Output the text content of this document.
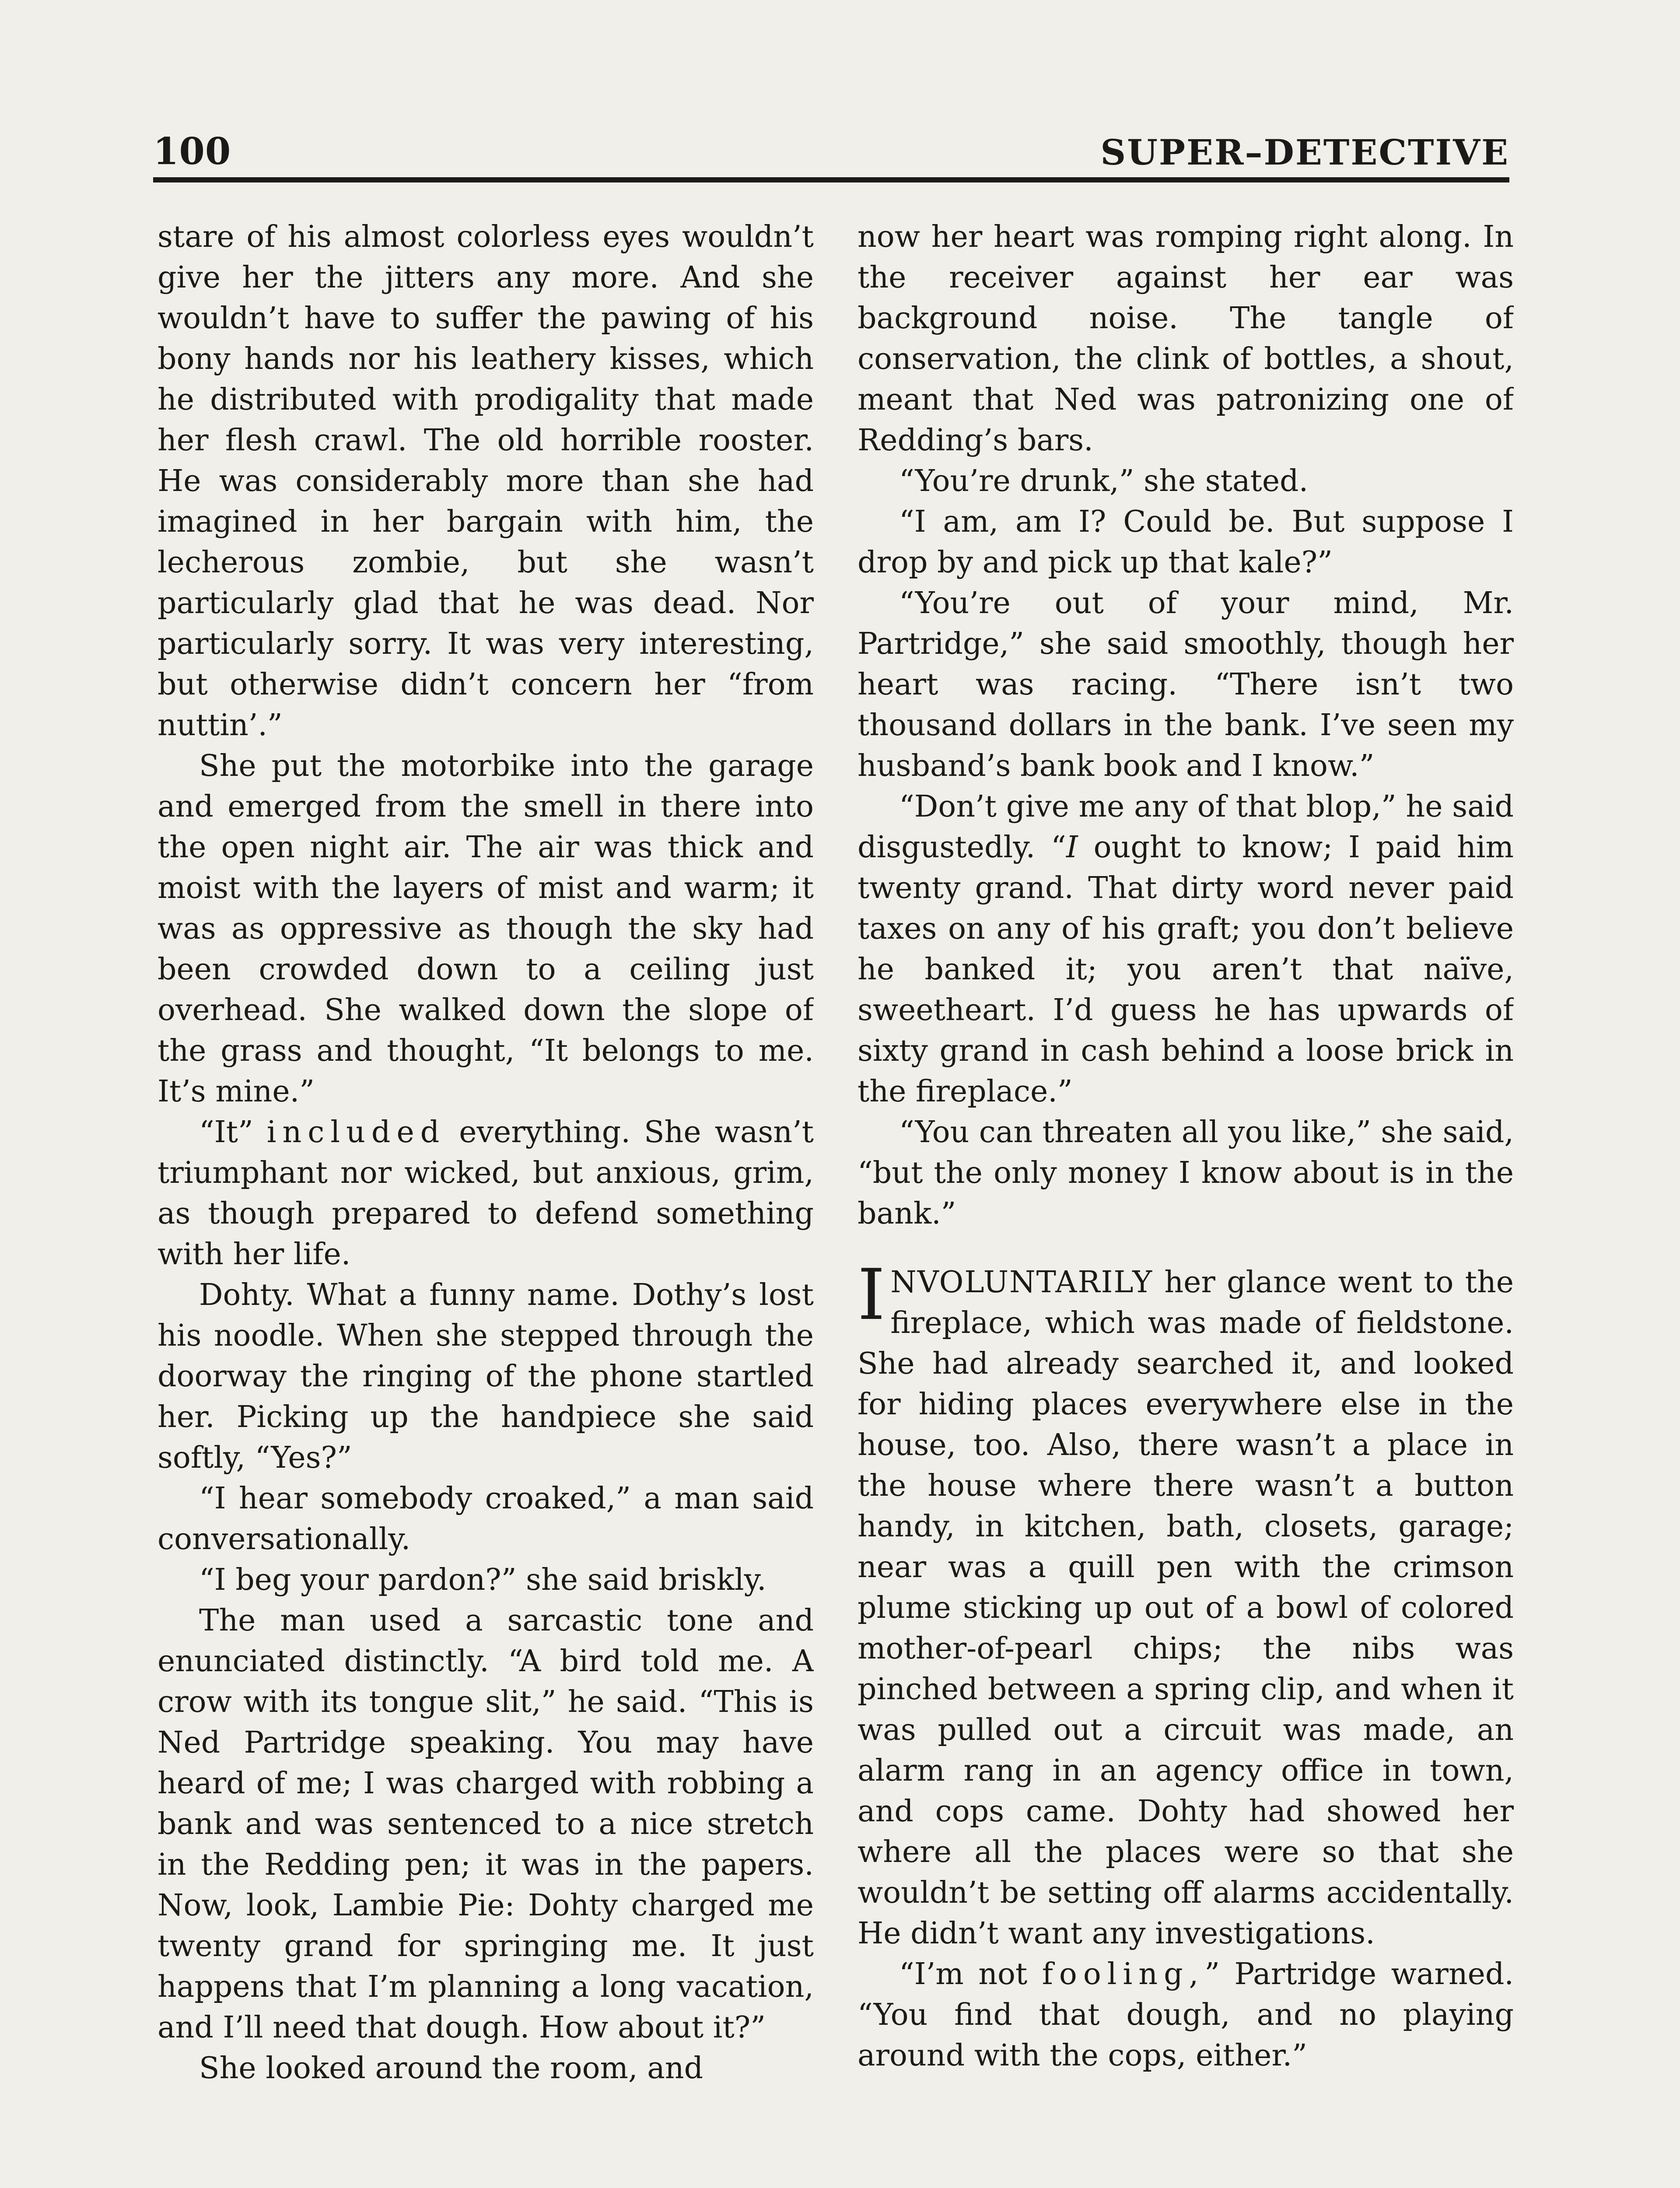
100	SUPER–DETECTIVE

stare of his almost colorless eyes wouldn’t give her the jitters any more. And she wouldn’t have to suffer the pawing of his bony hands nor his leathery kisses, which he distributed with prodigality that made her flesh crawl. The old horrible rooster. He was considerably more than she had imagined in her bargain with him, the lecherous zombie, but she wasn’t particularly glad that he was dead. Nor particularly sorry. It was very interesting, but otherwise didn’t concern her “from nuttin’.”

She put the motorbike into the garage and emerged from the smell in there into the open night air. The air was thick and moist with the layers of mist and warm; it was as oppressive as though the sky had been crowded down to a ceiling just overhead. She walked down the slope of the grass and thought, “It belongs to me. It’s mine.”

“It” included everything. She wasn’t triumphant nor wicked, but anxious, grim, as though prepared to defend something with her life.

Dohty. What a funny name. Dothy’s lost his noodle. When she stepped through the doorway the ringing of the phone startled her. Picking up the handpiece she said softly, “Yes?”

“I hear somebody croaked,” a man said conversationally.

“I beg your pardon?” she said briskly.

The man used a sarcastic tone and enunciated distinctly. “A bird told me. A crow with its tongue slit,” he said. “This is Ned Partridge speaking. You may have heard of me; I was charged with robbing a bank and was sentenced to a nice stretch in the Redding pen; it was in the papers. Now, look, Lambie Pie: Dohty charged me twenty grand for springing me. It just happens that I’m planning a long vacation, and I’ll need that dough. How about it?”

She looked around the room, and

now her heart was romping right along. In the receiver against her ear was background noise. The tangle of conservation, the clink of bottles, a shout, meant that Ned was patronizing one of Redding’s bars.

“You’re drunk,” she stated.

“I am, am I? Could be. But suppose I drop by and pick up that kale?”

“You’re out of your mind, Mr. Partridge,” she said smoothly, though her heart was racing. “There isn’t two thousand dollars in the bank. I’ve seen my husband’s bank book and I know.”

“Don’t give me any of that blop,” he said disgustedly. “I ought to know; I paid him twenty grand. That dirty word never paid taxes on any of his graft; you don’t believe he banked it; you aren’t that naïve, sweetheart. I’d guess he has upwards of sixty grand in cash behind a loose brick in the fireplace.”

“You can threaten all you like,” she said, “but the only money I know about is in the bank.”

INVOLUNTARILY her glance went to the fireplace, which was made of fieldstone. She had already searched it, and looked for hiding places everywhere else in the house, too. Also, there wasn’t a place in the house where there wasn’t a button handy, in kitchen, bath, closets, garage; near was a quill pen with the crimson plume sticking up out of a bowl of colored mother-of-pearl chips; the nibs was pinched between a spring clip, and when it was pulled out a circuit was made, an alarm rang in an agency office in town, and cops came. Dohty had showed her where all the places were so that she wouldn’t be setting off alarms accidentally. He didn’t want any investigations.

“I’m not fooling,” Partridge warned. “You find that dough, and no playing around with the cops, either.”
